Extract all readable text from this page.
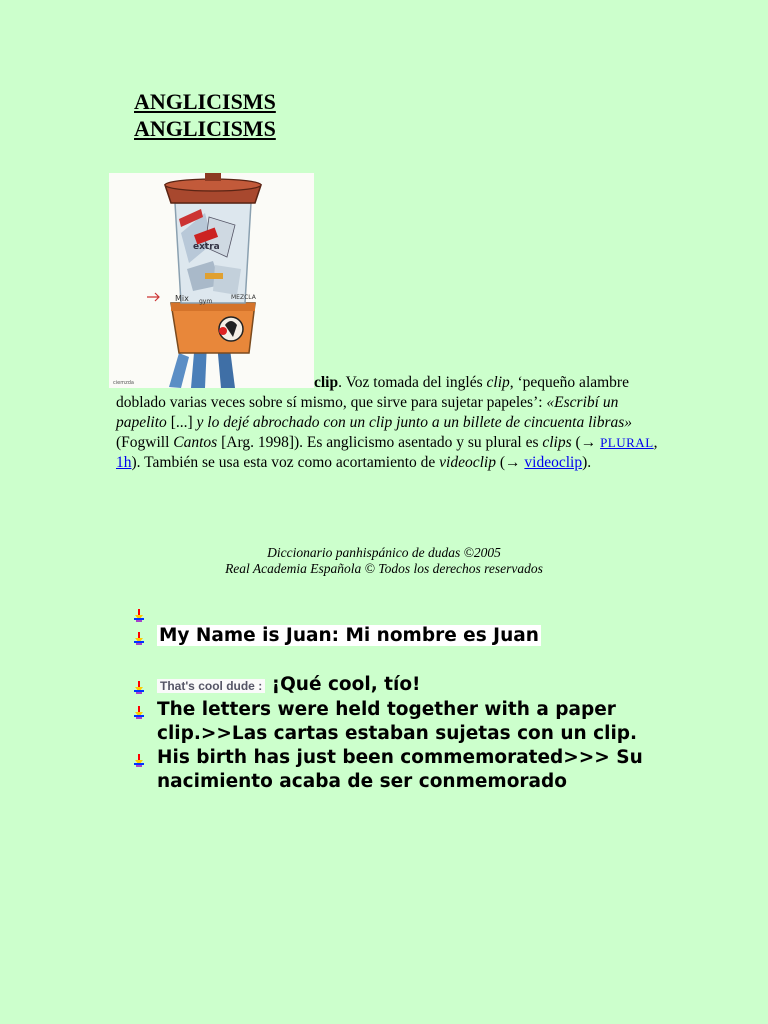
ANGLICISMS
ANGLICISMS
extra
Mix	MEZCLA
gym
ciemzda	clip. Voz tomada del inglés clip, ‘pequeño alambre doblado varias veces sobre sí mismo, que sirve para sujetar papeles’: «Escribí un papelito [...] y lo dejé abrochado con un clip junto a un billete de cincuenta libras» (Fogwill Cantos [Arg. 1998]). Es anglicismo asentado y su plural es clips (→ PLURAL, 1h). También se usa esta voz como acortamiento de videoclip (→ videoclip).
Diccionario panhispánico de dudas ©2005
Real Academia Española © Todos los derechos reservados
My Name is Juan: Mi nombre es Juan
That's cool dude : ¡Qué cool, tío!
The letters were held together with a paper clip.>>Las cartas estaban sujetas con un clip.
His birth has just been commemorated>>> Su nacimiento acaba de ser conmemorado
